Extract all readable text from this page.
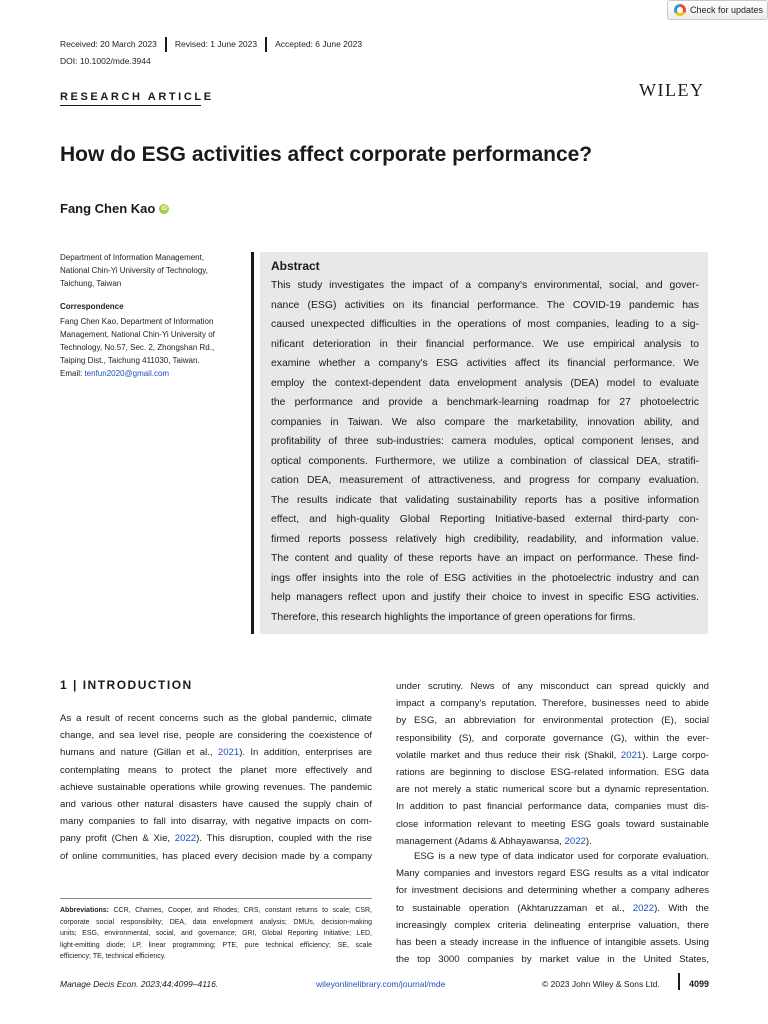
Check for updates
Received: 20 March 2023	Revised: 1 June 2023	Accepted: 6 June 2023
DOI: 10.1002/mde.3944
RESEARCH ARTICLE	WILEY
How do ESG activities affect corporate performance?
Fang Chen Kao	iD
Department of Information Management,
National Chin-Yi University of Technology,
Taichung, Taiwan
Correspondence
Fang Chen Kao, Department of Information
Management, National Chin-Yi University of
Technology, No.57, Sec. 2, Zhongshan Rd.,
Taiping Dist., Taichung 411030, Taiwan.
Email: tenfun2020@gmail.com
Abstract
This study investigates the impact of a company's environmental, social, and gover-
nance (ESG) activities on its financial performance. The COVID-19 pandemic has
caused unexpected difficulties in the operations of most companies, leading to a sig-
nificant deterioration in their financial performance. We use empirical analysis to
examine whether a company's ESG activities affect its financial performance. We
employ the context-dependent data envelopment analysis (DEA) model to evaluate
the performance and provide a benchmark-learning roadmap for 27 photoelectric
companies in Taiwan. We also compare the marketability, innovation ability, and
profitability of three sub-industries: camera modules, optical component lenses, and
optical components. Furthermore, we utilize a combination of classical DEA, stratifi-
cation DEA, measurement of attractiveness, and progress for company evaluation.
The results indicate that validating sustainability reports has a positive information
effect, and high-quality Global Reporting Initiative-based external third-party con-
firmed reports possess relatively high credibility, readability, and information value.
The content and quality of these reports have an impact on performance. These find-
ings offer insights into the role of ESG activities in the photoelectric industry and can
help managers reflect upon and justify their choice to invest in specific ESG activities.
Therefore, this research highlights the importance of green operations for firms.
1 | INTRODUCTION
As a result of recent concerns such as the global pandemic, climate
change, and sea level rise, people are considering the coexistence of
humans and nature (Gillan et al., 2021). In addition, enterprises are
contemplating means to protect the planet more effectively and
achieve sustainable operations while growing revenues. The pandemic
and various other natural disasters have caused the supply chain of
many companies to fall into disarray, with negative impacts on com-
pany profit (Chen & Xie, 2022). This disruption, coupled with the rise
of online communities, has placed every decision made by a company
under scrutiny. News of any misconduct can spread quickly and
impact a company's reputation. Therefore, businesses need to abide
by ESG, an abbreviation for environmental protection (E), social
responsibility (S), and corporate governance (G), within the ever-
volatile market and thus reduce their risk (Shakil, 2021). Large corpo-
rations are beginning to disclose ESG-related information. ESG data
are not merely a static numerical score but a dynamic representation.
In addition to past financial performance data, companies must dis-
close information relevant to meeting ESG goals toward sustainable
management (Adams & Abhayawansa, 2022).
ESG is a new type of data indicator used for corporate evaluation.
Many companies and investors regard ESG results as a vital indicator
for investment decisions and determining whether a company adheres
to sustainable operation (Akhtaruzzaman et al., 2022). With the
increasingly complex criteria delineating enterprise valuation, there
has been a steady increase in the influence of intangible assets. Using
the top 3000 companies by market value in the United States,
Abbreviations: CCR, Charnes, Cooper, and Rhodes; CRS, constant returns to scale; CSR,
corporate social responsibility; DEA, data envelopment analysis; DMUs, decision-making
units; ESG, environmental, social, and governance; GRI, Global Reporting Initiative; LED,
light-emitting diode; LP, linear programming; PTE, pure technical efficiency; SE, scale
efficiency; TE, technical efficiency.
Manage Decis Econ. 2023;44:4099–4116.	wileyonlinelibrary.com/journal/mde	© 2023 John Wiley & Sons Ltd.	4099
